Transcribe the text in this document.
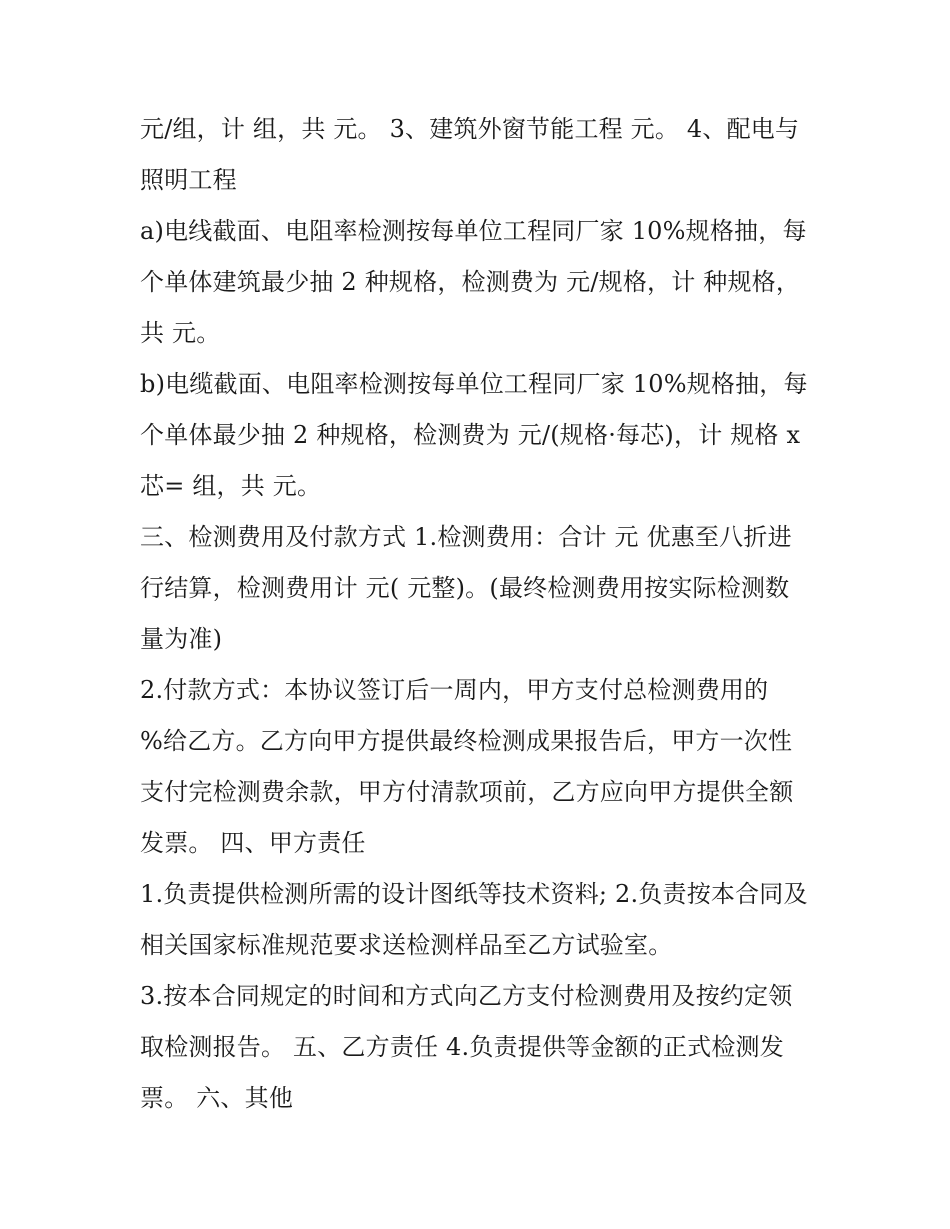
元/组，计 组，共 元。 3、建筑外窗节能工程 元。 4、配电与
照明工程
a)电线截面、电阻率检测按每单位工程同厂家 10%规格抽，每
个单体建筑最少抽 2 种规格，检测费为 元/规格，计 种规格，
共 元。
b)电缆截面、电阻率检测按每单位工程同厂家 10%规格抽，每
个单体最少抽 2 种规格，检测费为 元/(规格·每芯)，计 规格 x
芯= 组，共 元。
三、检测费用及付款方式 1.检测费用：合计 元 优惠至八折进
行结算，检测费用计 元( 元整)。(最终检测费用按实际检测数
量为准)
2.付款方式：本协议签订后一周内，甲方支付总检测费用的
%给乙方。乙方向甲方提供最终检测成果报告后，甲方一次性
支付完检测费余款，甲方付清款项前，乙方应向甲方提供全额
发票。 四、甲方责任
1.负责提供检测所需的设计图纸等技术资料; 2.负责按本合同及
相关国家标准规范要求送检测样品至乙方试验室。
3.按本合同规定的时间和方式向乙方支付检测费用及按约定领
取检测报告。 五、乙方责任 4.负责提供等金额的正式检测发
票。 六、其他
